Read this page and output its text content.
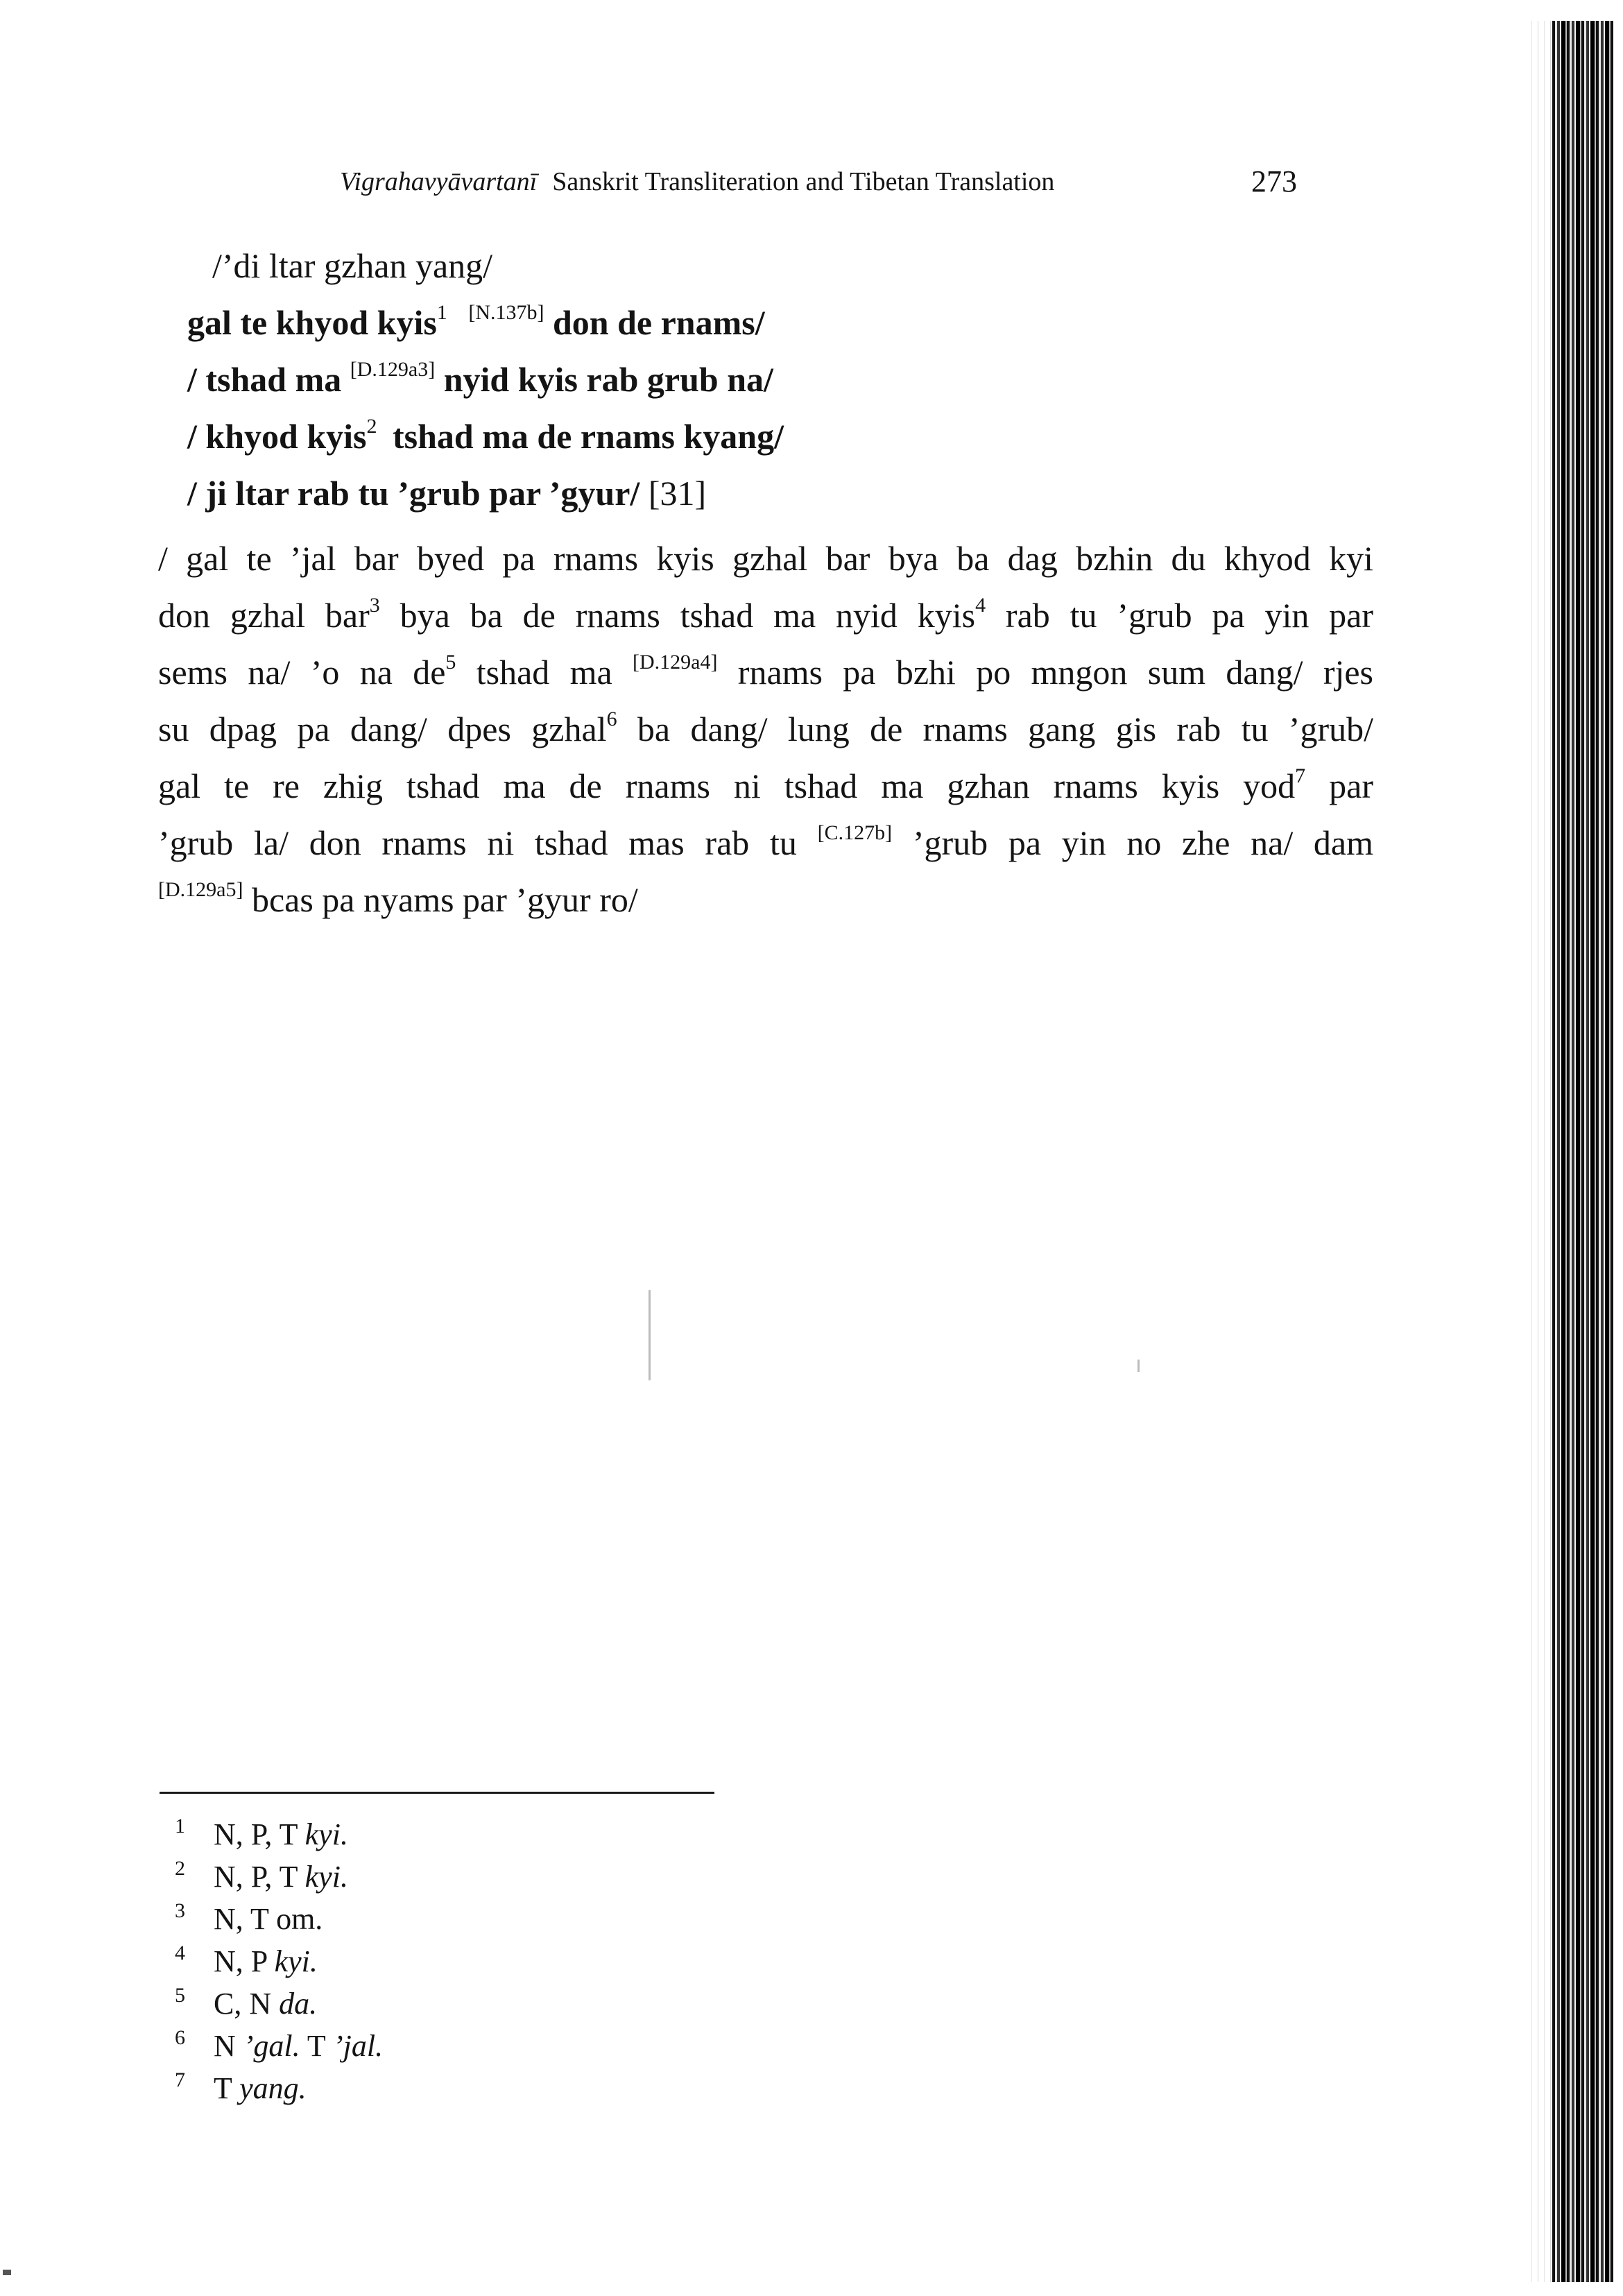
Vigrahavyāvartanī Sanskrit Transliteration and Tibetan Translation	273
/’di ltar gzhan yang/
gal te khyod kyis$^1$ [N.137b] don de rnams/
/ tshad ma [D.129a3] nyid kyis rab grub na/
/ khyod kyis$^2$ tshad ma de rnams kyang/
/ ji ltar rab tu ’grub par ’gyur/ [31]
/ gal te ’jal bar byed pa rnams kyis gzhal bar bya ba dag bzhin du khyod kyi
don gzhal bar$^3$ bya ba de rnams tshad ma nyid kyis$^4$ rab tu ’grub pa yin par
sems na/ ’o na $de^5$ tshad ma [D.129a4] rnams pa bzhi po mngon sum dang/ rjes
su dpag pa dang/ dpes gzhal$^6$ ba dang/ lung de rnams gang gis rab tu ’grub/
gal te re zhig tshad ma de rnams ni tshad ma gzhan rnams kyis yod$^7$ par
’grub la/ don rnams ni tshad mas rab tu [C.127b] ’grub pa yin no zhe na/ dam
[D.129a5] bcas pa nyams par ’gyur ro/
1 N, P, T kyi.
2 N, P, T kyi.
3 N, T om.
4 N, P kyi.
5 C, N da.
6 N ’gal. T ’jal.
7 T yang.
